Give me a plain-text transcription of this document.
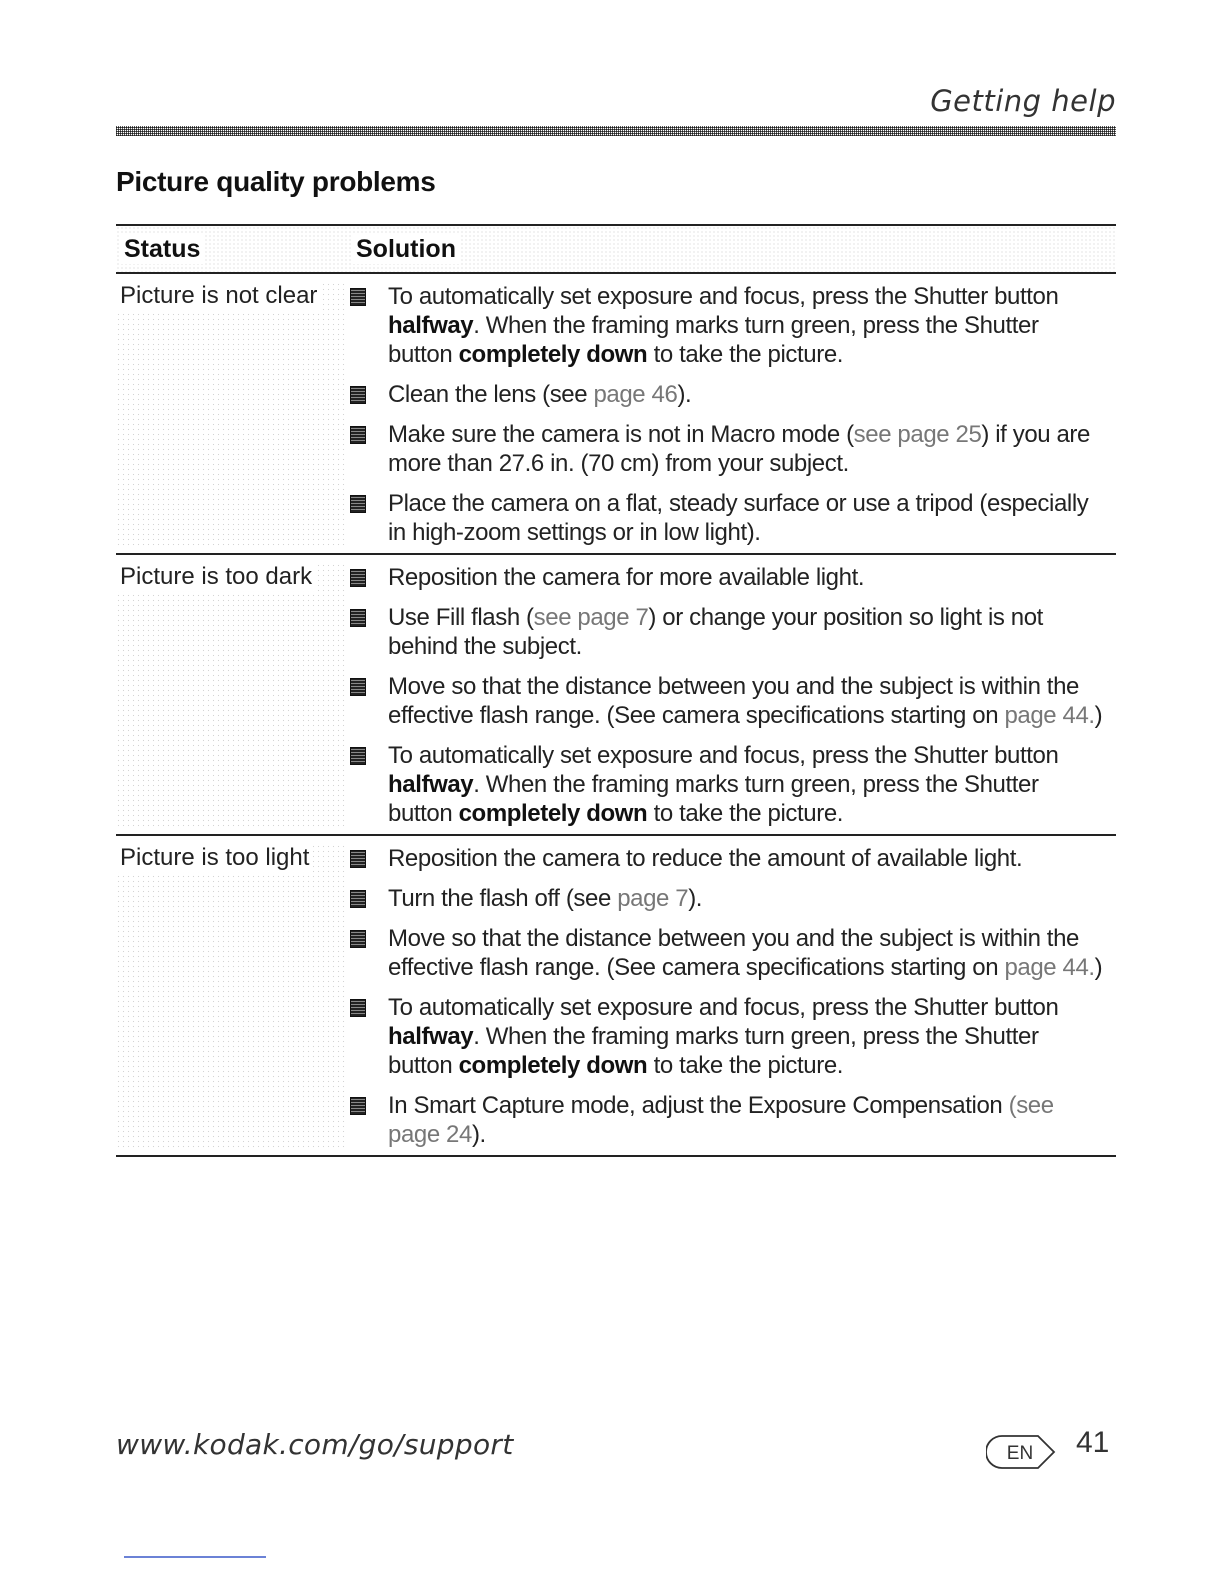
Getting help
Picture quality problems
Status	Solution
Picture is not clear	To automatically set exposure and focus, press the Shutter button halfway. When the framing marks turn green, press the Shutter button completely down to take the picture.
Clean the lens (see page 46).
Make sure the camera is not in Macro mode (see page 25) if you are more than 27.6 in. (70 cm) from your subject.
Place the camera on a flat, steady surface or use a tripod (especially in high-zoom settings or in low light).
Picture is too dark	Reposition the camera for more available light.
Use Fill flash (see page 7) or change your position so light is not behind the subject.
Move so that the distance between you and the subject is within the effective flash range. (See camera specifications starting on page 44.)
To automatically set exposure and focus, press the Shutter button halfway. When the framing marks turn green, press the Shutter button completely down to take the picture.
Picture is too light	Reposition the camera to reduce the amount of available light.
Turn the flash off (see page 7).
Move so that the distance between you and the subject is within the effective flash range. (See camera specifications starting on page 44.)
To automatically set exposure and focus, press the Shutter button halfway. When the framing marks turn green, press the Shutter button completely down to take the picture.
In Smart Capture mode, adjust the Exposure Compensation (see page 24).
www.kodak.com/go/support	EN 41
